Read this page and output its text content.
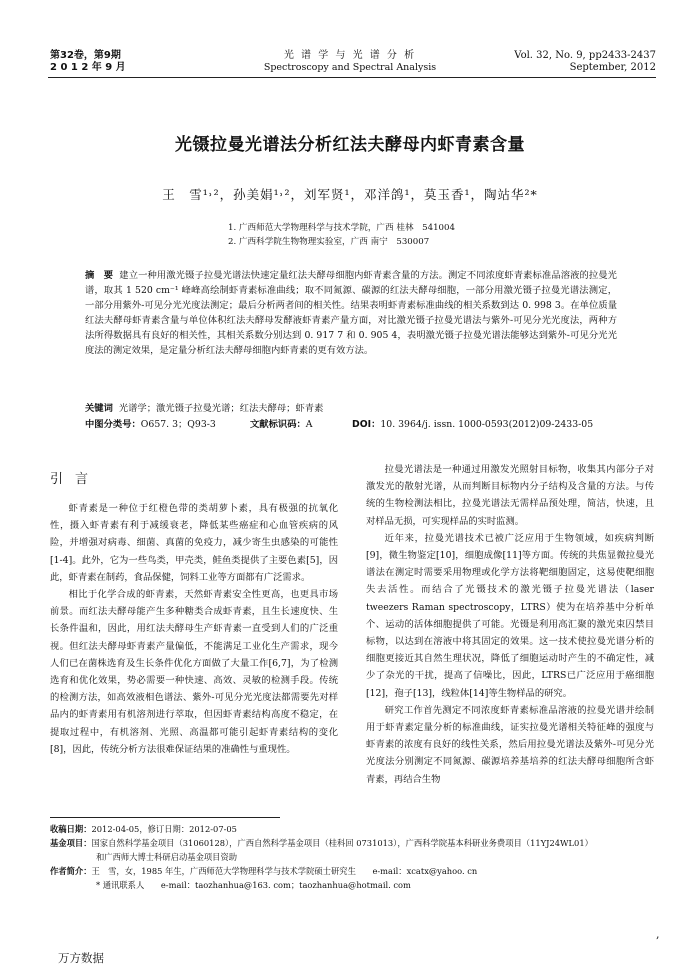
第32卷，第9期
2 0 1 2 年 9 月
光 谱 学 与 光 谱 分 析
Spectroscopy and Spectral Analysis
Vol. 32, No. 9, pp2433-2437
September, 2012
光镊拉曼光谱法分析红法夫酵母内虾青素含量
王　雪¹˒²，孙美娟¹˒²，刘军贤¹，邓洋鸽¹，莫玉香¹，陶站华²*
1. 广西师范大学物理科学与技术学院，广西 桂林　541004
2. 广西科学院生物物理实验室，广西 南宁　530007
摘　要 建立一种用激光镊子拉曼光谱法快速定量红法夫酵母细胞内虾青素含量的方法。测定不同浓度虾青素标准品溶液的拉曼光谱，取其 1 520 cm⁻¹ 峰峰高绘制虾青素标准曲线；取不同氮源、碳源的红法夫酵母细胞，一部分用激光镊子拉曼光谱法测定，一部分用紫外-可见分光光度法测定；最后分析两者间的相关性。结果表明虾青素标准曲线的相关系数到达 0. 998 3。在单位质量红法夫酵母虾青素含量与单位体积红法夫酵母发酵液虾青素产量方面，对比激光镊子拉曼光谱法与紫外-可见分光光度法，两种方法所得数据具有良好的相关性，其相关系数分别达到 0. 917 7 和 0. 905 4，表明激光镊子拉曼光谱法能够达到紫外-可见分光光度法的测定效果，是定量分析红法夫酵母细胞内虾青素的更有效方法。
关键词 光谱学；激光镊子拉曼光谱；红法夫酵母；虾青素
中图分类号：O657. 3；Q93-3	文献标识码：A	DOI：10. 3964/j. issn. 1000-0593(2012)09-2433-05
引言

虾青素是一种位于红橙色带的类胡萝卜素，具有极强的抗氧化性，摄入虾青素有利于减缓衰老，降低某些癌症和心血管疾病的风险，并增强对病毒、细菌、真菌的免疫力，减少寄生虫感染的可能性[1-4]。此外，它为一些鸟类，甲壳类，鲑鱼类提供了主要色素[5]，因此，虾青素在制药，食品保健，饲料工业等方面都有广泛需求。

相比于化学合成的虾青素，天然虾青素安全性更高，也更具市场前景。而红法夫酵母能产生多种糖类合成虾青素，且生长速度快、生长条件温和，因此，用红法夫酵母生产虾青素一直受到人们的广泛重视。但红法夫酵母虾青素产量偏低，不能满足工业化生产需求，现今人们已在菌株选育及生长条件优化方面做了大量工作[6,7]，为了检测选育和优化效果，势必需要一种快速、高效、灵敏的检测手段。传统的检测方法，如高效液相色谱法、紫外-可见分光光度法都需要先对样品内的虾青素用有机溶剂进行萃取，但因虾青素结构高度不稳定，在提取过程中，有机溶剂、光照、高温都可能引起虾青素结构的变化[8]，因此，传统分析方法很难保证结果的准确性与重现性。

拉曼光谱法是一种通过用激发光照射目标物，收集其内部分子对激发光的散射光谱，从而判断目标物内分子结构及含量的方法。与传统的生物检测法相比，拉曼光谱法无需样品预处理，简洁，快速，且对样品无损，可实现样品的实时监测。

近年来，拉曼光谱技术已被广泛应用于生物领域，如疾病判断[9]，微生物鉴定[10]，细胞成像[11]等方面。传统的共焦显微拉曼光谱法在测定时需要采用物理或化学方法将靶细胞固定，这易使靶细胞失去活性。而结合了光镊技术的激光镊子拉曼光谱法（laser tweezers Raman spectroscopy，LTRS）使为在培养基中分析单个、运动的活体细胞提供了可能。光镊是利用高汇聚的激光束囚禁目标物，以达到在溶液中将其固定的效果。这一技术使拉曼光谱分析的细胞更接近其自然生理状况，降低了细胞运动时产生的不确定性，减少了杂光的干扰，提高了信噪比，因此，LTRS已广泛应用于癌细胞[12]，孢子[13]，线粒体[14]等生物样品的研究。

研究工作首先测定不同浓度虾青素标准品溶液的拉曼光谱并绘制用于虾青素定量分析的标准曲线，证实拉曼光谱相关特征峰的强度与虾青素的浓度有良好的线性关系，然后用拉曼光谱法及紫外-可见分光光度法分别测定不同氮源、碳源培养基培养的红法夫酵母细胞所含虾青素，再结合生物

收稿日期：2012-04-05，修订日期：2012-07-05
基金项目：国家自然科学基金项目（31060128），广西自然科学基金项目（桂科回 0731013），广西科学院基本科研业务费项目（11YJ24WL01）
和广西师大博士科研启动基金项目资助
作者简介：王　雪，女，1985 年生，广西师范大学物理科学与技术学院硕士研究生　　e-mail：xcatx@yahoo. cn
* 通讯联系人　　e-mail：taozhanhua@163. com；taozhanhua@hotmail. com
,
万方数据
